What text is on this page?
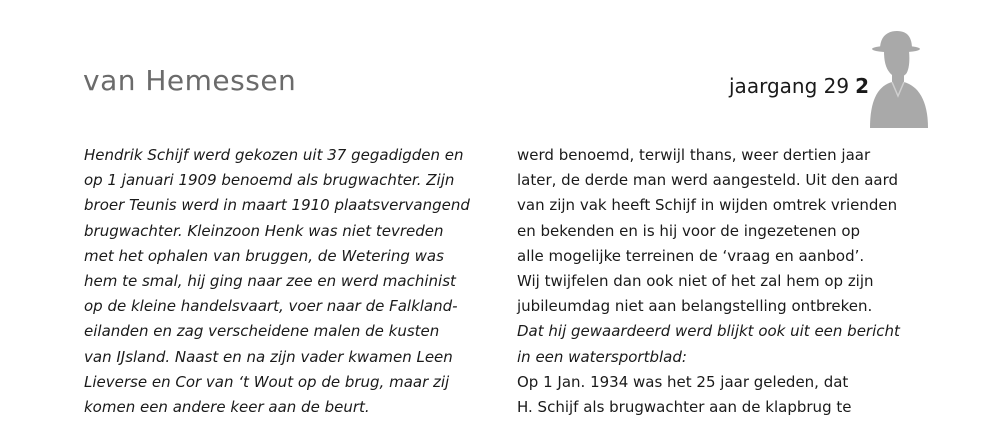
van Hemessen	jaargang 29 2
Hendrik Schijf werd gekozen uit 37 gegadigden en
op 1 januari 1909 benoemd als brugwachter. Zijn
broer Teunis werd in maart 1910 plaatsvervangend
brugwachter. Kleinzoon Henk was niet tevreden
met het ophalen van bruggen, de Wetering was
hem te smal, hij ging naar zee en werd machinist
op de kleine handelsvaart, voer naar de Falkland-
eilanden en zag verscheidene malen de kusten
van IJsland. Naast en na zijn vader kwamen Leen
Lieverse en Cor van ‘t Wout op de brug, maar zij
komen een andere keer aan de beurt.
werd benoemd, terwijl thans, weer dertien jaar
later, de derde man werd aangesteld. Uit den aard
van zijn vak heeft Schijf in wijden omtrek vrienden
en bekenden en is hij voor de ingezetenen op
alle mogelijke terreinen de ‘vraag en aanbod’.
Wij twijfelen dan ook niet of het zal hem op zijn
jubileumdag niet aan belangstelling ontbreken.
Dat hij gewaardeerd werd blijkt ook uit een bericht
in een watersportblad:
Op 1 Jan. 1934 was het 25 jaar geleden, dat
H. Schijf als brugwachter aan de klapbrug te
